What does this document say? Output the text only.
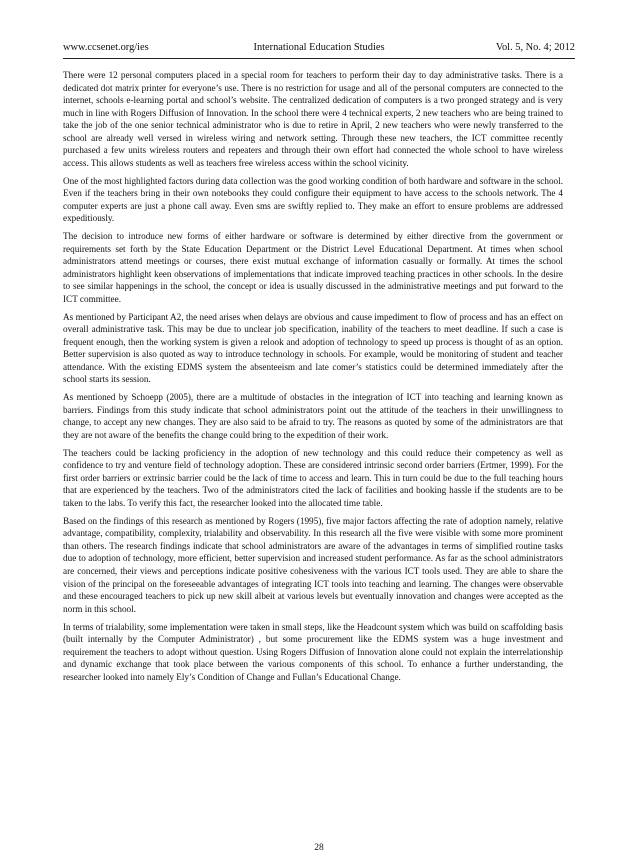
www.ccsenet.org/ies	International Education Studies	Vol. 5, No. 4; 2012

There were 12 personal computers placed in a special room for teachers to perform their day to day administrative tasks. There is a dedicated dot matrix printer for everyone’s use. There is no restriction for usage and all of the personal computers are connected to the internet, schools e-learning portal and school’s website. The centralized dedication of computers is a two pronged strategy and is very much in line with Rogers Diffusion of Innovation. In the school there were 4 technical experts, 2 new teachers who are being trained to take the job of the one senior technical administrator who is due to retire in April, 2 new teachers who were newly transferred to the school are already well versed in wireless wiring and network setting. Through these new teachers, the ICT committee recently purchased a few units wireless routers and repeaters and through their own effort had connected the whole school to have wireless access. This allows students as well as teachers free wireless access within the school vicinity.

One of the most highlighted factors during data collection was the good working condition of both hardware and software in the school. Even if the teachers bring in their own notebooks they could configure their equipment to have access to the schools network. The 4 computer experts are just a phone call away. Even sms are swiftly replied to. They make an effort to ensure problems are addressed expeditiously.

The decision to introduce new forms of either hardware or software is determined by either directive from the government or requirements set forth by the State Education Department or the District Level Educational Department. At times when school administrators attend meetings or courses, there exist mutual exchange of information casually or formally. At times the school administrators highlight keen observations of implementations that indicate improved teaching practices in other schools. In the desire to see similar happenings in the school, the concept or idea is usually discussed in the administrative meetings and put forward to the ICT committee.

As mentioned by Participant A2, the need arises when delays are obvious and cause impediment to flow of process and has an effect on overall administrative task. This may be due to unclear job specification, inability of the teachers to meet deadline. If such a case is frequent enough, then the working system is given a relook and adoption of technology to speed up process is thought of as an option. Better supervision is also quoted as way to introduce technology in schools. For example, would be monitoring of student and teacher attendance. With the existing EDMS system the absenteeism and late comer’s statistics could be determined immediately after the school starts its session.

As mentioned by Schoepp (2005), there are a multitude of obstacles in the integration of ICT into teaching and learning known as barriers. Findings from this study indicate that school administrators point out the attitude of the teachers in their unwillingness to change, to accept any new changes. They are also said to be afraid to try. The reasons as quoted by some of the administrators are that they are not aware of the benefits the change could bring to the expedition of their work.

The teachers could be lacking proficiency in the adoption of new technology and this could reduce their competency as well as confidence to try and venture field of technology adoption. These are considered intrinsic second order barriers (Ertmer, 1999). For the first order barriers or extrinsic barrier could be the lack of time to access and learn. This in turn could be due to the full teaching hours that are experienced by the teachers. Two of the administrators cited the lack of facilities and booking hassle if the students are to be taken to the labs. To verify this fact, the researcher looked into the allocated time table.

Based on the findings of this research as mentioned by Rogers (1995), five major factors affecting the rate of adoption namely, relative advantage, compatibility, complexity, trialability and observability. In this research all the five were visible with some more prominent than others. The research findings indicate that school administrators are aware of the advantages in terms of simplified routine tasks due to adoption of technology, more efficient, better supervision and increased student performance. As far as the school administrators are concerned, their views and perceptions indicate positive cohesiveness with the various ICT tools used. They are able to share the vision of the principal on the foreseeable advantages of integrating ICT tools into teaching and learning. The changes were observable and these encouraged teachers to pick up new skill albeit at various levels but eventually innovation and changes were accepted as the norm in this school.

In terms of trialability, some implementation were taken in small steps, like the Headcount system which was build on scaffolding basis (built internally by the Computer Administrator) , but some procurement like the EDMS system was a huge investment and requirement the teachers to adopt without question. Using Rogers Diffusion of Innovation alone could not explain the interrelationship and dynamic exchange that took place between the various components of this school. To enhance a further understanding, the researcher looked into namely Ely’s Condition of Change and Fullan’s Educational Change.

28
